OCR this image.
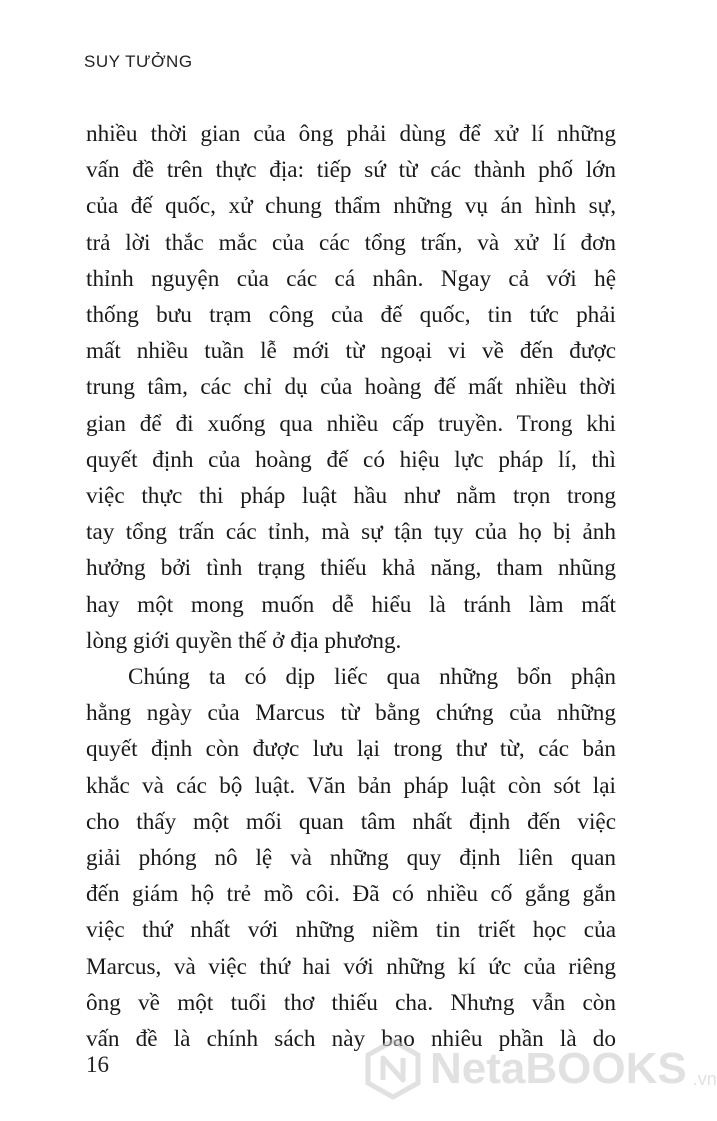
SUY TƯỞNG
nhiều thời gian của ông phải dùng để xử lí những
vấn đề trên thực địa: tiếp sứ từ các thành phố lớn
của đế quốc, xử chung thẩm những vụ án hình sự,
trả lời thắc mắc của các tổng trấn, và xử lí đơn
thỉnh nguyện của các cá nhân. Ngay cả với hệ
thống bưu trạm công của đế quốc, tin tức phải
mất nhiều tuần lễ mới từ ngoại vi về đến được
trung tâm, các chỉ dụ của hoàng đế mất nhiều thời
gian để đi xuống qua nhiều cấp truyền. Trong khi
quyết định của hoàng đế có hiệu lực pháp lí, thì
việc thực thi pháp luật hầu như nằm trọn trong
tay tổng trấn các tỉnh, mà sự tận tụy của họ bị ảnh
hưởng bởi tình trạng thiếu khả năng, tham nhũng
hay một mong muốn dễ hiểu là tránh làm mất
lòng giới quyền thế ở địa phương.
Chúng ta có dịp liếc qua những bổn phận
hằng ngày của Marcus từ bằng chứng của những
quyết định còn được lưu lại trong thư từ, các bản
khắc và các bộ luật. Văn bản pháp luật còn sót lại
cho thấy một mối quan tâm nhất định đến việc
giải phóng nô lệ và những quy định liên quan
đến giám hộ trẻ mồ côi. Đã có nhiều cố gắng gắn
việc thứ nhất với những niềm tin triết học của
Marcus, và việc thứ hai với những kí ức của riêng
ông về một tuổi thơ thiếu cha. Nhưng vẫn còn
vấn đề là chính sách này bao nhiêu phần là do
16	NetaBOOKS .vn
